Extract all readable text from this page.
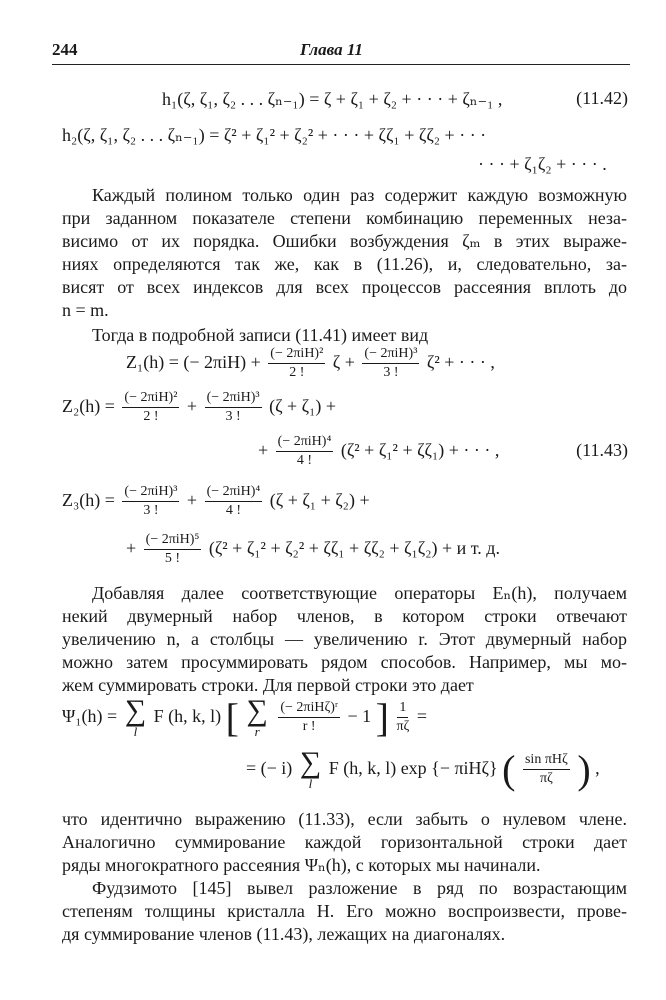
244	Глава 11
h₁(ζ, ζ₁, ζ₂ . . . ζₙ₋₁) = ζ + ζ₁ + ζ₂ + · · · + ζₙ₋₁ ,	(11.42)
h₂(ζ, ζ₁, ζ₂ . . . ζₙ₋₁) = ζ² + ζ₁² + ζ₂² + · · · + ζζ₁ + ζζ₂ + · · ·
· · · + ζ₁ζ₂ + · · · .
Каждый полином только один раз содержит каждую возможную
при заданном показателе степени комбинацию переменных неза-
висимо от их порядка. Ошибки возбуждения ζₘ в этих выраже-
ниях определяются так же, как в (11.26), и, следовательно, за-
висят от всех индексов для всех процессов рассеяния вплоть до
n = m.
Тогда в подробной записи (11.41) имеет вид
Z₁(h) = (− $2\pi iH) + \frac{\text{(− 2πiH)²}}{2 !}$ $\zeta + \frac{\text{(− 2πiH)³}}{3 !} \zeta^2$ + · · · ,
$Z_2(h) = \frac{\text{(− 2πiH)²}}{2 !} + \frac{\text{(− 2πiH)³}}{3 !} (\zeta + \zeta_1)$ +
+ $\frac{\text{(− 2πiH)⁴}}{4 !} (\zeta^2 + \zeta_1^2 + \zeta\zeta_1)$ + · · · ,	(11.43)
$Z_3(h) = \frac{\text{(− 2πiH)³}}{3 !} + \frac{\text{(− 2πiH)⁴}}{4 !} (\zeta + \zeta_1 + \zeta_2)$ +
+ $\frac{\text{(− 2πiH)⁵}}{5 !} (\zeta^2 + \zeta_1^2 + \zeta_2^2 + \zeta\zeta_1 + \zeta\zeta_2 + \zeta_1\zeta_2) + и$ т. д.
Добавляя далее соответствующие операторы Eₙ(h), получаем
некий двумерный набор членов, в котором строки отвечают
увеличению n, а столбцы — увеличению r. Этот двумерный набор
можно затем просуммировать рядом способов. Например, мы мо-
жем суммировать строки. Для первой строки это дает
Ψ₁(h) = ∑
l
F (h, k, l) [ ∑
r
$\frac{\text{(− 2πiHζ)ʳ}}{r !} - 1$ ] $\frac{1}{\pi\zeta}$ =
= (− i) ∑
l
F (h, k, l) exp {− πiHζ} ( $\frac{\text{sin πHζ}}{\pi\zeta}$ ) ,
что идентично выражению (11.33), если забыть о нулевом члене.
Аналогично суммирование каждой горизонтальной строки дает
ряды многократного рассеяния Ψₙ(h), с которых мы начинали.
Фудзимото [145] вывел разложение в ряд по возрастающим
степеням толщины кристалла H. Его можно воспроизвести, прове-
дя суммирование членов (11.43), лежащих на диагоналях.
